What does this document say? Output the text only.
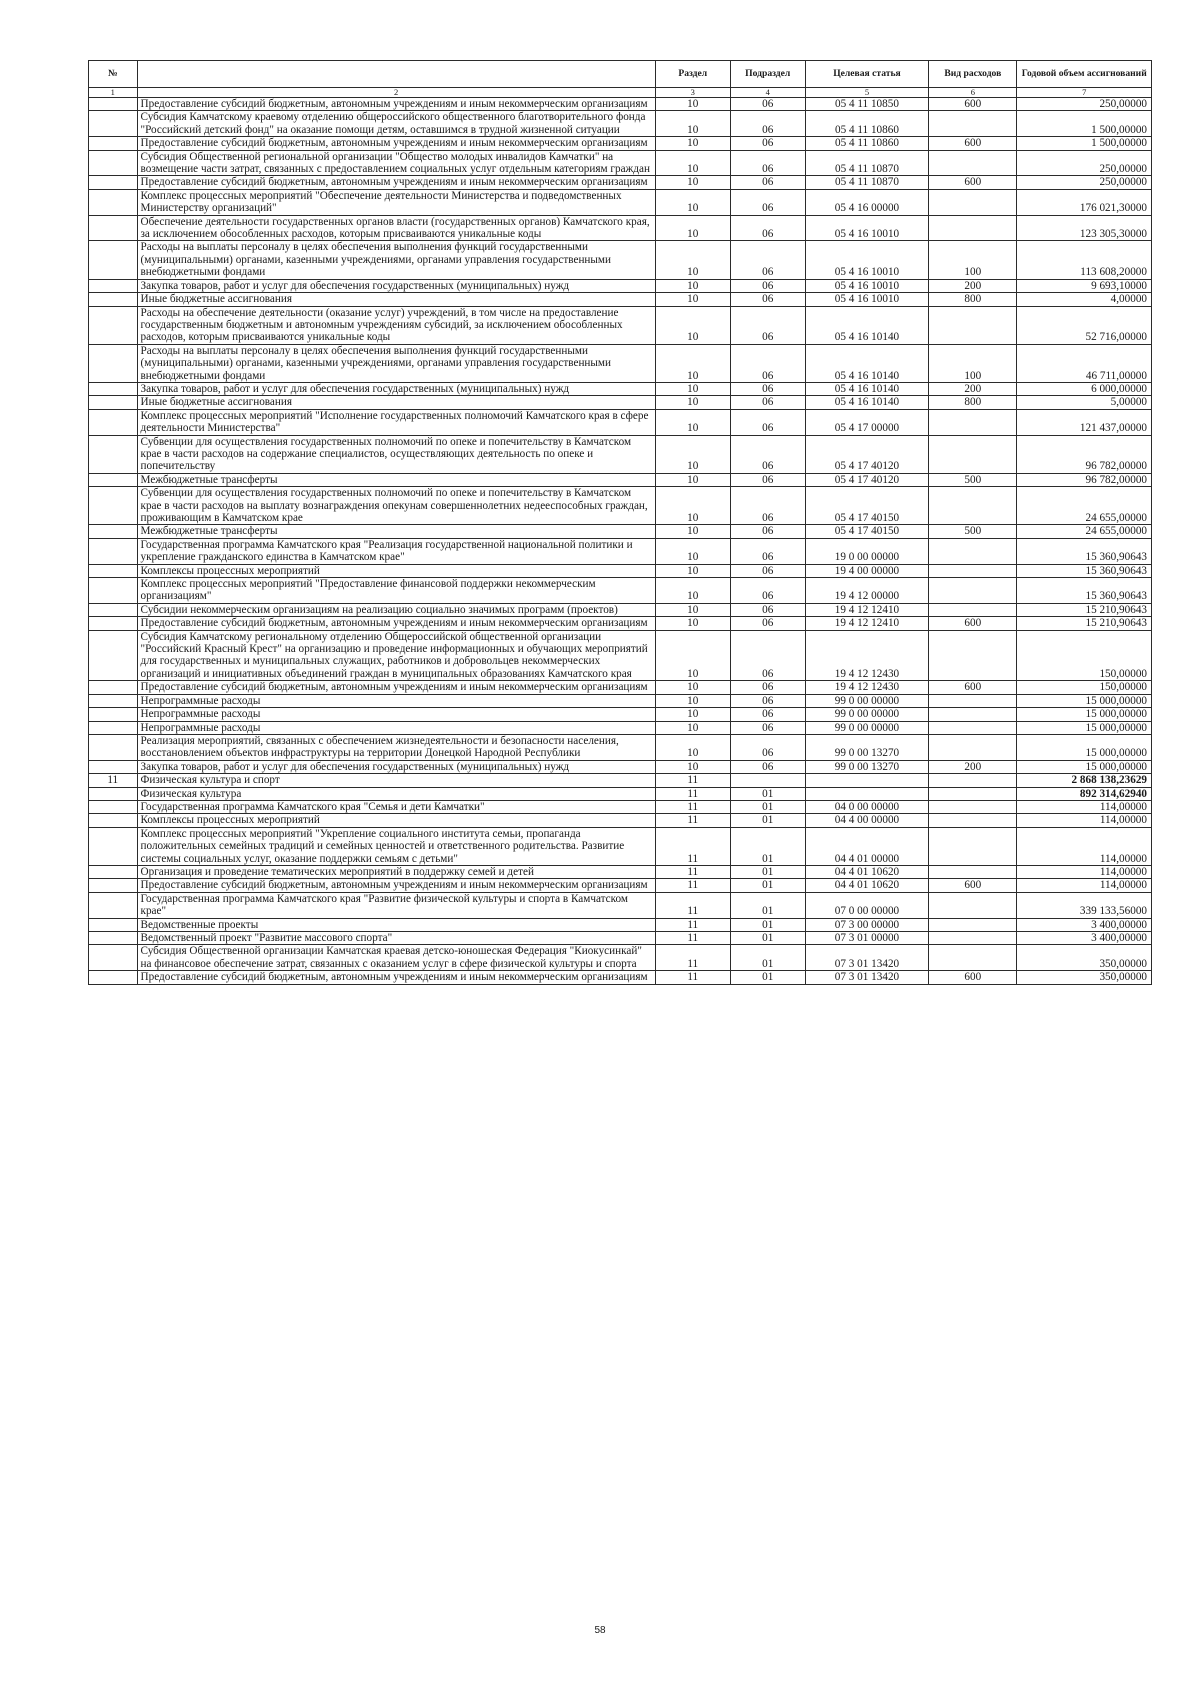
№		Раздел	Подраздел	Целевая статья	Вид расходов	Годовой объем ассигнований
1	2	3	4	5	6	7
	Предоставление субсидий бюджетным, автономным учреждениям и иным некоммерческим организациям	10	06	05 4 11 10850	600	250,00000
	Субсидия Камчатскому краевому отделению общероссийского общественного благотворительного фонда "Российский детский фонд" на оказание помощи детям, оставшимся в трудной жизненной ситуации	10	06	05 4 11 10860		1 500,00000
	Предоставление субсидий бюджетным, автономным учреждениям и иным некоммерческим организациям	10	06	05 4 11 10860	600	1 500,00000
	Субсидия Общественной региональной организации "Общество молодых инвалидов Камчатки" на возмещение части затрат, связанных с предоставлением социальных услуг отдельным категориям граждан	10	06	05 4 11 10870		250,00000
	Предоставление субсидий бюджетным, автономным учреждениям и иным некоммерческим организациям	10	06	05 4 11 10870	600	250,00000
	Комплекс процессных мероприятий "Обеспечение деятельности Министерства и подведомственных Министерству организаций"	10	06	05 4 16 00000		176 021,30000
	Обеспечение деятельности государственных органов власти (государственных органов) Камчатского края, за исключением обособленных расходов, которым присваиваются уникальные коды	10	06	05 4 16 10010		123 305,30000
	Расходы на выплаты персоналу в целях обеспечения выполнения функций государственными (муниципальными) органами, казенными учреждениями, органами управления государственными внебюджетными фондами	10	06	05 4 16 10010	100	113 608,20000
	Закупка товаров, работ и услуг для обеспечения государственных (муниципальных) нужд	10	06	05 4 16 10010	200	9 693,10000
	Иные бюджетные ассигнования	10	06	05 4 16 10010	800	4,00000
	Расходы на обеспечение деятельности (оказание услуг) учреждений, в том числе на предоставление государственным бюджетным и автономным учреждениям субсидий, за исключением обособленных расходов, которым присваиваются уникальные коды	10	06	05 4 16 10140		52 716,00000
	Расходы на выплаты персоналу в целях обеспечения выполнения функций государственными (муниципальными) органами, казенными учреждениями, органами управления государственными внебюджетными фондами	10	06	05 4 16 10140	100	46 711,00000
	Закупка товаров, работ и услуг для обеспечения государственных (муниципальных) нужд	10	06	05 4 16 10140	200	6 000,00000
	Иные бюджетные ассигнования	10	06	05 4 16 10140	800	5,00000
	Комплекс процессных мероприятий "Исполнение государственных полномочий Камчатского края в сфере деятельности Министерства"	10	06	05 4 17 00000		121 437,00000
	Субвенции для осуществления государственных полномочий по опеке и попечительству в Камчатском крае в части расходов на содержание специалистов, осуществляющих деятельность по опеке и попечительству	10	06	05 4 17 40120		96 782,00000
	Межбюджетные трансферты	10	06	05 4 17 40120	500	96 782,00000
	Субвенции для осуществления государственных полномочий по опеке и попечительству в Камчатском крае в части расходов на выплату вознаграждения опекунам совершеннолетних недееспособных граждан, проживающим в Камчатском крае	10	06	05 4 17 40150		24 655,00000
	Межбюджетные трансферты	10	06	05 4 17 40150	500	24 655,00000
	Государственная программа Камчатского края "Реализация государственной национальной политики и укрепление гражданского единства в Камчатском крае"	10	06	19 0 00 00000		15 360,90643
	Комплексы процессных мероприятий	10	06	19 4 00 00000		15 360,90643
	Комплекс процессных мероприятий "Предоставление финансовой поддержки некоммерческим организациям"	10	06	19 4 12 00000		15 360,90643
	Субсидии некоммерческим организациям на реализацию социально значимых программ (проектов)	10	06	19 4 12 12410		15 210,90643
	Предоставление субсидий бюджетным, автономным учреждениям и иным некоммерческим организациям	10	06	19 4 12 12410	600	15 210,90643
	Субсидия Камчатскому региональному отделению Общероссийской общественной организации "Российский Красный Крест" на организацию и проведение информационных и обучающих мероприятий для государственных и муниципальных служащих, работников и добровольцев некоммерческих организаций и инициативных объединений граждан в муниципальных образованиях Камчатского края	10	06	19 4 12 12430		150,00000
	Предоставление субсидий бюджетным, автономным учреждениям и иным некоммерческим организациям	10	06	19 4 12 12430	600	150,00000
	Непрограммные расходы	10	06	99 0 00 00000		15 000,00000
	Непрограммные расходы	10	06	99 0 00 00000		15 000,00000
	Непрограммные расходы	10	06	99 0 00 00000		15 000,00000
	Реализация мероприятий, связанных с обеспечением жизнедеятельности и безопасности населения, восстановлением объектов инфраструктуры на территории Донецкой Народной Республики	10	06	99 0 00 13270		15 000,00000
	Закупка товаров, работ и услуг для обеспечения государственных (муниципальных) нужд	10	06	99 0 00 13270	200	15 000,00000
11	Физическая культура и спорт	11				2 868 138,23629
	Физическая культура	11	01			892 314,62940
	Государственная программа Камчатского края "Семья и дети Камчатки"	11	01	04 0 00 00000		114,00000
	Комплексы процессных мероприятий	11	01	04 4 00 00000		114,00000
	Комплекс процессных мероприятий "Укрепление социального института семьи, пропаганда положительных семейных традиций и семейных ценностей и ответственного родительства. Развитие системы социальных услуг, оказание поддержки семьям с детьми"	11	01	04 4 01 00000		114,00000
	Организация и проведение тематических мероприятий в поддержку семей и детей	11	01	04 4 01 10620		114,00000
	Предоставление субсидий бюджетным, автономным учреждениям и иным некоммерческим организациям	11	01	04 4 01 10620	600	114,00000
	Государственная программа Камчатского края "Развитие физической культуры и спорта в Камчатском крае"	11	01	07 0 00 00000		339 133,56000
	Ведомственные проекты	11	01	07 3 00 00000		3 400,00000
	Ведомственный проект "Развитие массового спорта"	11	01	07 3 01 00000		3 400,00000
	Субсидия Общественной организации Камчатская краевая детско-юношеская Федерация "Киокусинкай" на финансовое обеспечение затрат, связанных с оказанием услуг в сфере физической культуры и спорта	11	01	07 3 01 13420		350,00000
	Предоставление субсидий бюджетным, автономным учреждениям и иным некоммерческим организациям	11	01	07 3 01 13420	600	350,00000
58
